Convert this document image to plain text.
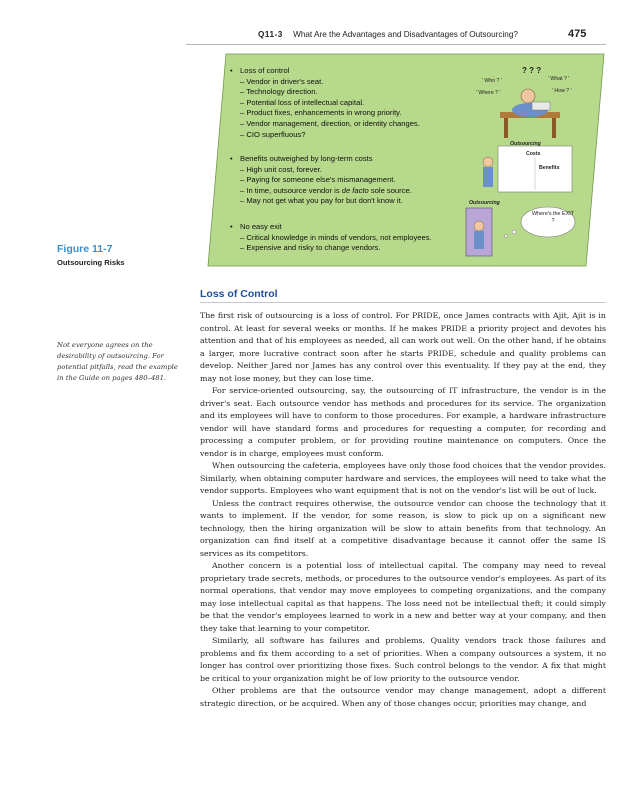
Q11-3 What Are the Advantages and Disadvantages of Outsourcing?	475
• Loss of control
– Vendor in driver's seat.
– Technology direction.
– Potential loss of intellectual capital.
– Product fixes, enhancements in wrong priority.
– Vendor management, direction, or identity changes.
– CIO superfluous?
• Benefits outweighed by long-term costs
– High unit cost, forever.
– Paying for someone else's mismanagement.
– In time, outsource vendor is de facto sole source.
– May not get what you pay for but don't know it.
• No easy exit
– Critical knowledge in minds of vendors, not employees.
– Expensive and risky to change vendors.
? ? ?
' Who ? '
' Where ? '
' What ? '
' How ? '
Outsourcing
Costs
Benefits
Outsourcing
Where's the EXIT ?
Figure 11-7
Outsourcing Risks
Loss of Control
Not everyone agrees on the desirability of outsourcing. For potential pitfalls, read the example in the Guide on pages 480–481.

The first risk of outsourcing is a loss of control. For PRIDE, once James contracts with Ajit, Ajit is in control. At least for several weeks or months. If he makes PRIDE a priority project and devotes his attention and that of his employees as needed, all can work out well. On the other hand, if he obtains a larger, more lucrative contract soon after he starts PRIDE, schedule and quality problems can develop. Neither Jared nor James has any control over this eventuality. If they pay at the end, they may not lose money, but they can lose time.

For service-oriented outsourcing, say, the outsourcing of IT infrastructure, the vendor is in the driver's seat. Each outsource vendor has methods and procedures for its service. The organization and its employees will have to conform to those procedures. For example, a hardware infrastructure vendor will have standard forms and procedures for requesting a computer, for recording and processing a computer problem, or for providing routine maintenance on computers. Once the vendor is in charge, employees must conform.

When outsourcing the cafeteria, employees have only those food choices that the vendor provides. Similarly, when obtaining computer hardware and services, the employees will need to take what the vendor supports. Employees who want equipment that is not on the vendor's list will be out of luck.

Unless the contract requires otherwise, the outsource vendor can choose the technology that it wants to implement. If the vendor, for some reason, is slow to pick up on a significant new technology, then the hiring organization will be slow to attain benefits from that technology. An organization can find itself at a competitive disadvantage because it cannot offer the same IS services as its competitors.

Another concern is a potential loss of intellectual capital. The company may need to reveal proprietary trade secrets, methods, or procedures to the outsource vendor's employees. As part of its normal operations, that vendor may move employees to competing organizations, and the company may lose intellectual capital as that happens. The loss need not be intellectual theft; it could simply be that the vendor's employees learned to work in a new and better way at your company, and then they take that learning to your competitor.

Similarly, all software has failures and problems. Quality vendors track those failures and problems and fix them according to a set of priorities. When a company outsources a system, it no longer has control over prioritizing those fixes. Such control belongs to the vendor. A fix that might be critical to your organization might be of low priority to the outsource vendor.

Other problems are that the outsource vendor may change management, adopt a different strategic direction, or be acquired. When any of those changes occur, priorities may change, and
